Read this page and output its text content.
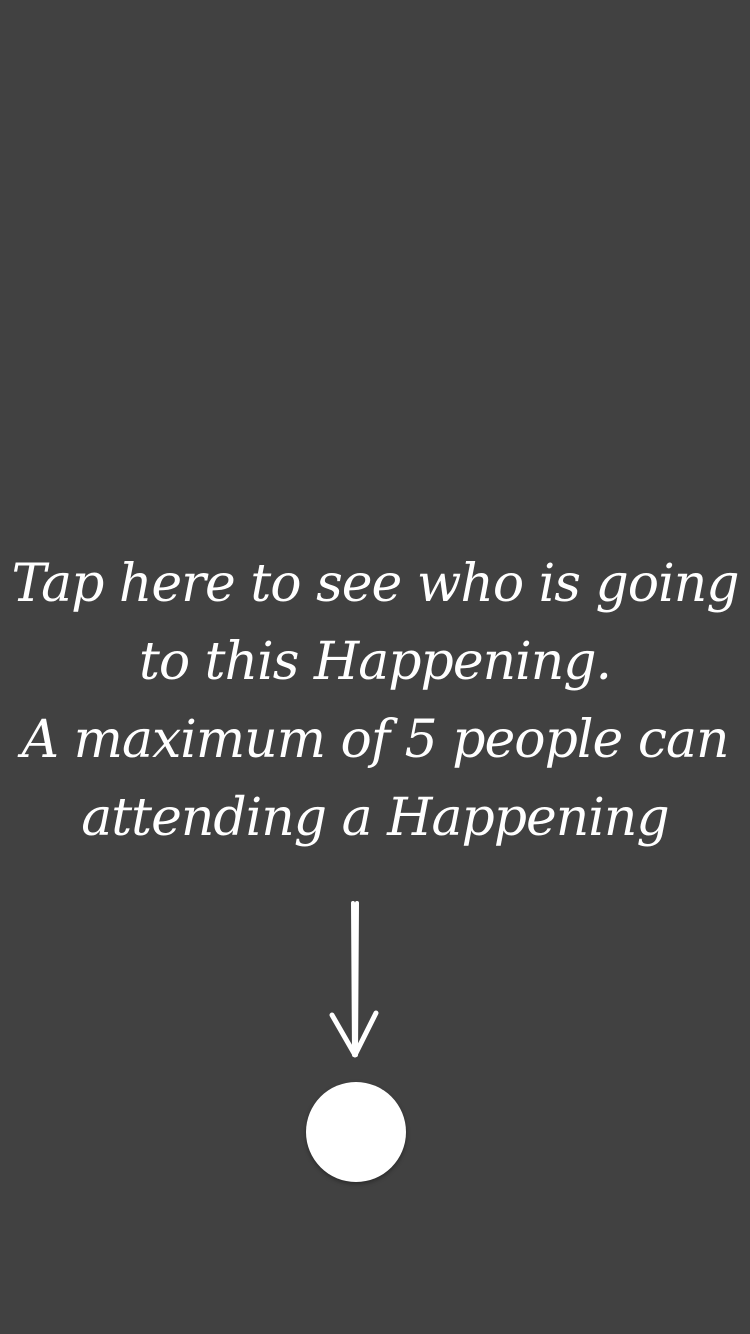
Tap here to see who is going
to this Happening.
A maximum of 5 people can
attending a Happening
